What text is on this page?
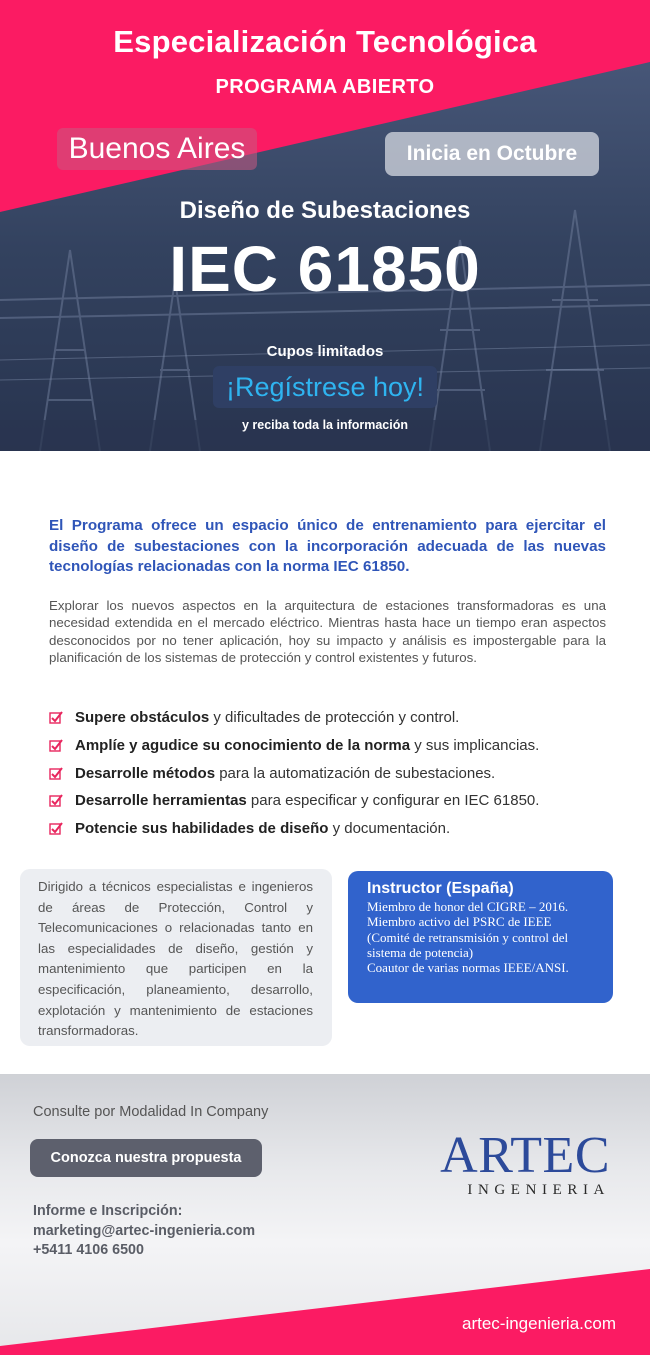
Especialización Tecnológica
PROGRAMA ABIERTO
Buenos Aires	Inicia en Octubre
Diseño de Subestaciones
IEC 61850
Cupos limitados
¡Regístrese hoy!
y reciba toda la información

El Programa ofrece un espacio único de entrenamiento para ejercitar el diseño de subestaciones con la incorporación adecuada de las nuevas tecnologías relacionadas con la norma IEC 61850.

Explorar los nuevos aspectos en la arquitectura de estaciones transformadoras es una necesidad extendida en el mercado eléctrico. Mientras hasta hace un tiempo eran aspectos desconocidos por no tener aplicación, hoy su impacto y análisis es impostergable para la planificación de los sistemas de protección y control existentes y futuros.

Supere obstáculos y dificultades de protección y control.
Amplíe y agudice su conocimiento de la norma y sus implicancias.
Desarrolle métodos para la automatización de subestaciones.
Desarrolle herramientas para especificar y configurar en IEC 61850.
Potencie sus habilidades de diseño y documentación.

Dirigido a técnicos especialistas e ingenieros de áreas de Protección, Control y Telecomunicaciones o relacionadas tanto en las especialidades de diseño, gestión y mantenimiento que participen en la especificación, planeamiento, desarrollo, explotación y mantenimiento de estaciones transformadoras.

Instructor (España)
Miembro de honor del CIGRE – 2016.
Miembro activo del PSRC de IEEE
(Comité de retransmisión y control del
sistema de potencia)
Coautor de varias normas IEEE/ANSI.
Consulte por Modalidad In Company
Conozca nuestra propuesta
Informe e Inscripción:
marketing@artec-ingenieria.com
+5411 4106 6500
ARTEC
INGENIERIA
artec-ingenieria.com
